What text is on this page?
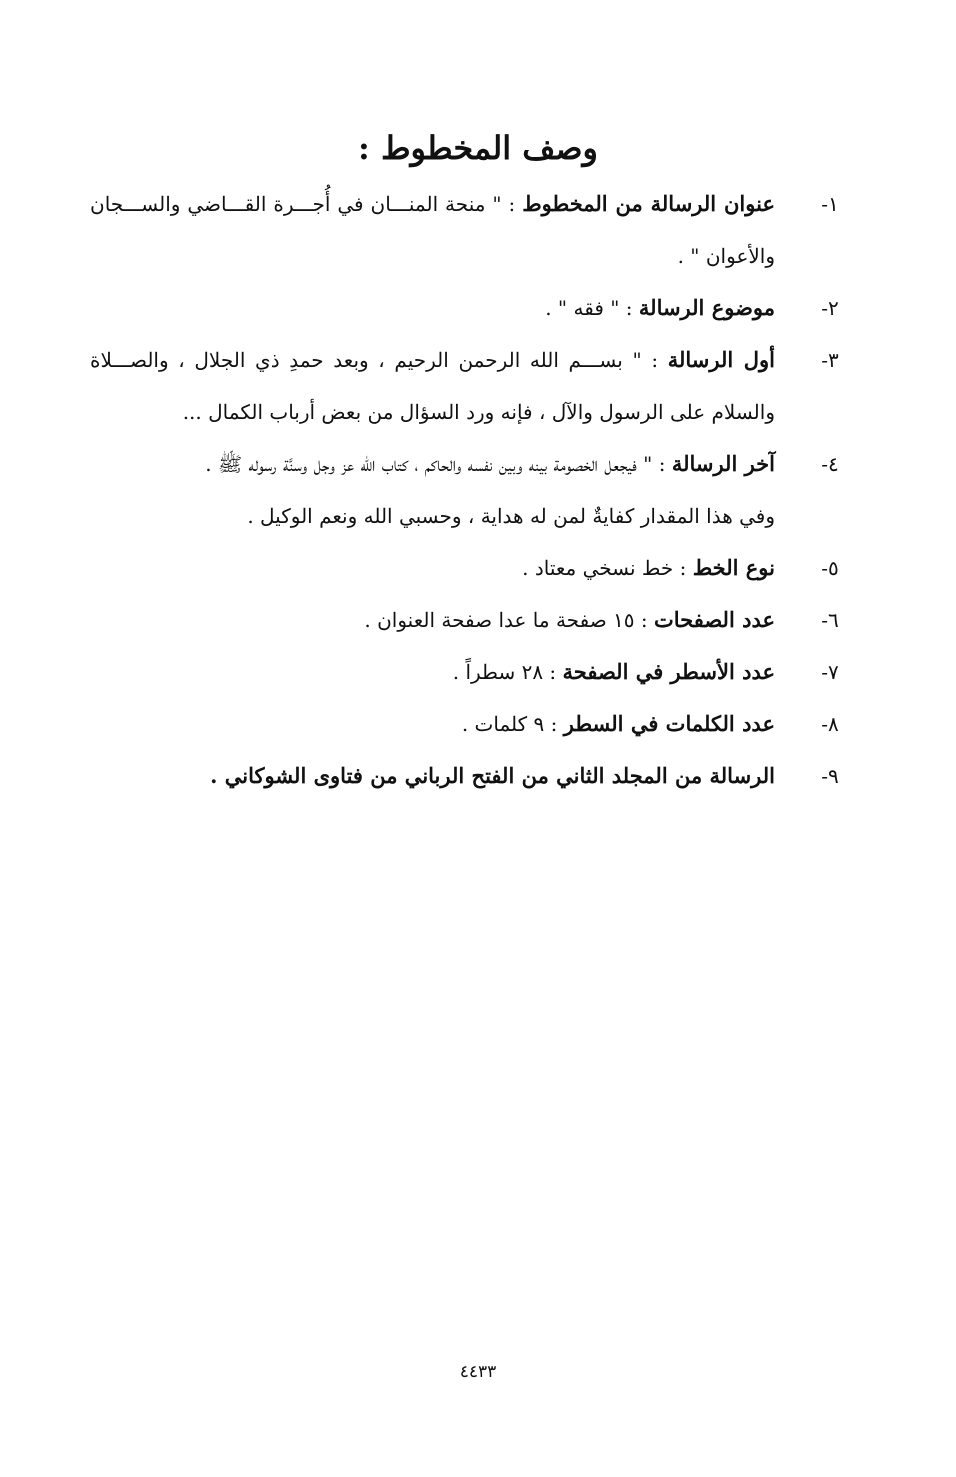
وصف المخطوط :
١-
عنوان الرسالة من المخطوط : " منحة المنـــان في أُجـــرة القـــاضي والســـجان والأعوان " .
٢-
موضوع الرسالة : " فقه " .
٣-
أول الرسالة : " بســـم الله الرحمن الرحيم ، وبعد حمدِ ذي الجلال ، والصـــلاة والسلام على الرسول والآل ، فإنه ورد السؤال من بعض أرباب الكمال ...
٤-
آخر الرسالة : " فيجعل الخصومة بينه وبين نفسه والحاكم ، كتاب الله عز وجل وسنَّة رسوله ﷺ .
وفي هذا المقدار كفايةٌ لمن له هداية ، وحسبي الله ونعم الوكيل .
٥-
نوع الخط : خط نسخي معتاد .
٦-
عدد الصفحات : ١٥ صفحة ما عدا صفحة العنوان .
٧-
عدد الأسطر في الصفحة : ٢٨ سطراً .
٨-
عدد الكلمات في السطر : ٩ كلمات .
٩-
الرسالة من المجلد الثاني من الفتح الرباني من فتاوى الشوكاني .
٤٤٣٣
